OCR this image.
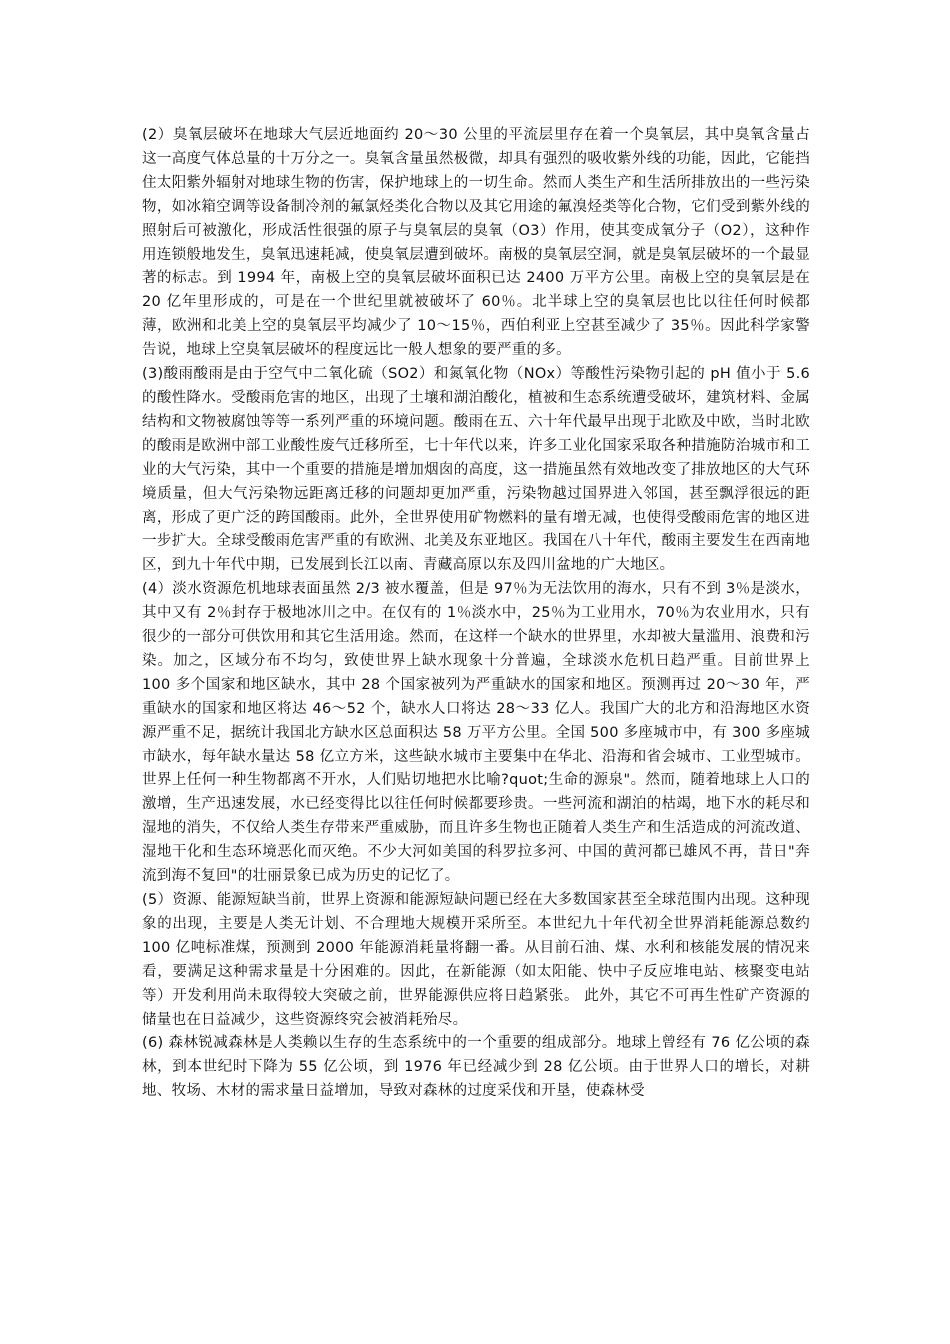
(2）臭氧层破坏在地球大气层近地面约 20～30 公里的平流层里存在着一个臭氧层，其中臭氧含量占这一高度气体总量的十万分之一。臭氧含量虽然极微，却具有强烈的吸收紫外线的功能，因此，它能挡住太阳紫外辐射对地球生物的伤害，保护地球上的一切生命。然而人类生产和生活所排放出的一些污染物，如冰箱空调等设备制冷剂的氟氯烃类化合物以及其它用途的氟溴烃类等化合物，它们受到紫外线的照射后可被激化，形成活性很强的原子与臭氧层的臭氧（O3）作用，使其变成氧分子（O2），这种作用连锁般地发生，臭氧迅速耗减，使臭氧层遭到破坏。南极的臭氧层空洞，就是臭氧层破坏的一个最显著的标志。到 1994 年，南极上空的臭氧层破坏面积已达 2400 万平方公里。南极上空的臭氧层是在 20 亿年里形成的，可是在一个世纪里就被破坏了 60％。北半球上空的臭氧层也比以往任何时候都薄，欧洲和北美上空的臭氧层平均减少了 10～15％，西伯利亚上空甚至减少了 35％。因此科学家警告说，地球上空臭氧层破坏的程度远比一般人想象的要严重的多。

(3)酸雨酸雨是由于空气中二氧化硫（SO2）和氮氧化物（NOx）等酸性污染物引起的 pH 值小于 5.6 的酸性降水。受酸雨危害的地区，出现了土壤和湖泊酸化，植被和生态系统遭受破坏，建筑材料、金属结构和文物被腐蚀等等一系列严重的环境问题。酸雨在五、六十年代最早出现于北欧及中欧，当时北欧的酸雨是欧洲中部工业酸性废气迁移所至，七十年代以来，许多工业化国家采取各种措施防治城市和工业的大气污染，其中一个重要的措施是增加烟囱的高度，这一措施虽然有效地改变了排放地区的大气环境质量，但大气污染物远距离迁移的问题却更加严重，污染物越过国界进入邻国，甚至飘浮很远的距离，形成了更广泛的跨国酸雨。此外，全世界使用矿物燃料的量有增无减，也使得受酸雨危害的地区进一步扩大。全球受酸雨危害严重的有欧洲、北美及东亚地区。我国在八十年代，酸雨主要发生在西南地区，到九十年代中期，已发展到长江以南、青藏高原以东及四川盆地的广大地区。

(4）淡水资源危机地球表面虽然 2/3 被水覆盖，但是 97％为无法饮用的海水，只有不到 3％是淡水，其中又有 2％封存于极地冰川之中。在仅有的 1％淡水中，25％为工业用水，70％为农业用水，只有很少的一部分可供饮用和其它生活用途。然而，在这样一个缺水的世界里，水却被大量滥用、浪费和污染。加之，区域分布不均匀，致使世界上缺水现象十分普遍，全球淡水危机日趋严重。目前世界上 100 多个国家和地区缺水，其中 28 个国家被列为严重缺水的国家和地区。预测再过 20～30 年，严重缺水的国家和地区将达 46～52 个，缺水人口将达 28～33 亿人。我国广大的北方和沿海地区水资源严重不足，据统计我国北方缺水区总面积达 58 万平方公里。全国 500 多座城市中，有 300 多座城市缺水，每年缺水量达 58 亿立方米，这些缺水城市主要集中在华北、沿海和省会城市、工业型城市。世界上任何一种生物都离不开水，人们贴切地把水比喻?quot;生命的源泉"。然而，随着地球上人口的激增，生产迅速发展，水已经变得比以往任何时候都要珍贵。一些河流和湖泊的枯竭，地下水的耗尽和湿地的消失，不仅给人类生存带来严重威胁，而且许多生物也正随着人类生产和生活造成的河流改道、湿地干化和生态环境恶化而灭绝。不少大河如美国的科罗拉多河、中国的黄河都已雄风不再，昔日"奔流到海不复回"的壮丽景象已成为历史的记忆了。

(5）资源、能源短缺当前，世界上资源和能源短缺问题已经在大多数国家甚至全球范围内出现。这种现象的出现，主要是人类无计划、不合理地大规模开采所至。本世纪九十年代初全世界消耗能源总数约 100 亿吨标准煤，预测到 2000 年能源消耗量将翻一番。从目前石油、煤、水利和核能发展的情况来看，要满足这种需求量是十分困难的。因此，在新能源（如太阳能、快中子反应堆电站、核聚变电站等）开发利用尚未取得较大突破之前，世界能源供应将日趋紧张。 此外，其它不可再生性矿产资源的储量也在日益减少，这些资源终究会被消耗殆尽。

(6) 森林锐减森林是人类赖以生存的生态系统中的一个重要的组成部分。地球上曾经有 76 亿公顷的森林，到本世纪时下降为 55 亿公顷，到 1976 年已经减少到 28 亿公顷。由于世界人口的增长，对耕地、牧场、木材的需求量日益增加，导致对森林的过度采伐和开垦，使森林受
